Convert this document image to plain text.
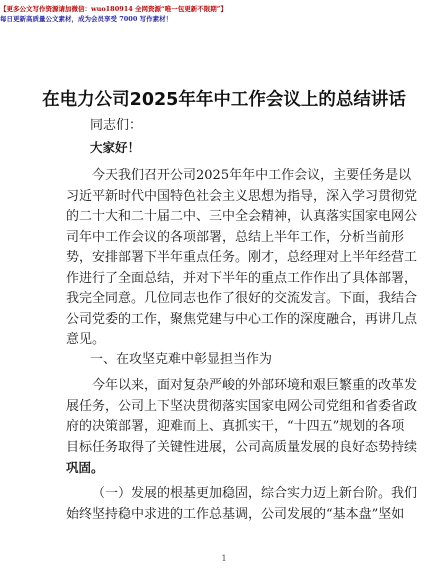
【更多公文写作资源请加微信：wuo180914 全网资源“唯一包更新不限期”】
每日更新高质量公文素材，成为会员享受 7000 写作素材！
在电力公司2025年年中工作会议上的总结讲话
同志们：
大家好！
今天我们召开公司2025年年中工作会议，主要任务是以
习近平新时代中国特色社会主义思想为指导，深入学习贯彻党
的二十大和二十届二中、三中全会精神，认真落实国家电网公
司年中工作会议的各项部署，总结上半年工作，分析当前形
势，安排部署下半年重点任务。刚才，总经理对上半年经营工
作进行了全面总结，并对下半年的重点工作作出了具体部署，
我完全同意。几位同志也作了很好的交流发言。下面，我结合
公司党委的工作，聚焦党建与中心工作的深度融合，再讲几点
意见。
一、在攻坚克难中彰显担当作为
今年以来，面对复杂严峻的外部环境和艰巨繁重的改革发
展任务，公司上下坚决贯彻落实国家电网公司党组和省委省政
府的决策部署，迎难而上、真抓实干，“十四五”规划的各项
目标任务取得了关键性进展，公司高质量发展的良好态势持续
巩固。
（一）发展的根基更加稳固，综合实力迈上新台阶。我们
始终坚持稳中求进的工作总基调，公司发展的“基本盘”坚如
1
